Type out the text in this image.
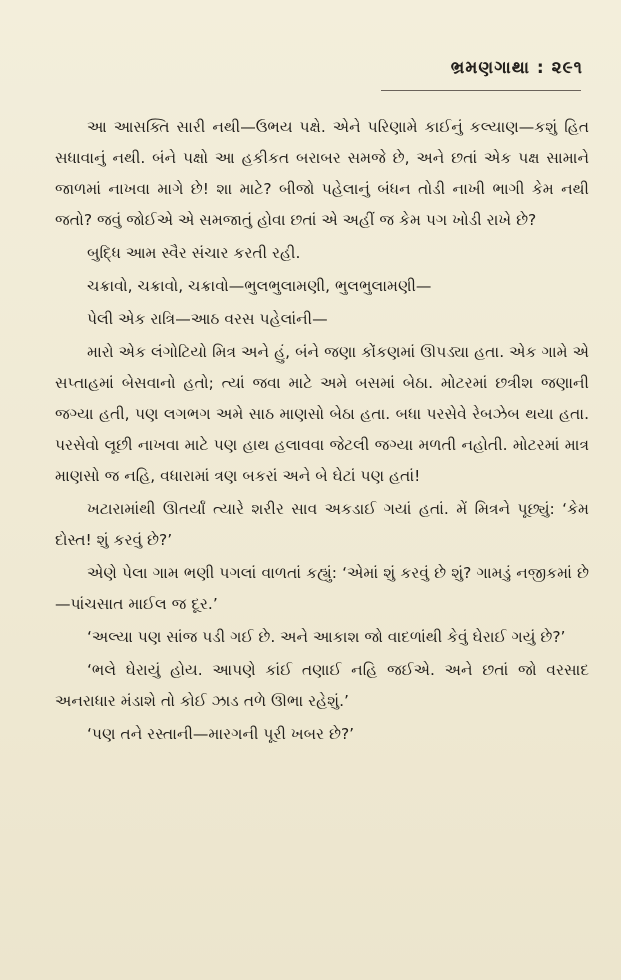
ભ્રમણગાથા : ૨૯૧

આ આસક્તિ સારી નથી—ઉભય પક્ષે. એને પરિણામે કાઈનું કલ્યાણ—કશું હિત સધાવાનું નથી. બંને પક્ષો આ હકીકત બરાબર સમજે છે, અને છતાં એક પક્ષ સામાને જાળમાં નાખવા માગે છે! શા માટે? બીજો પહેલાનું બંધન તોડી નાખી ભાગી કેમ નથી જતો? જવું જોઈએ એ સમજાતું હોવા છતાં એ અહીં જ કેમ પગ ખોડી રાખે છે?

બુદ્ધિ આમ સ્વૈર સંચાર કરતી રહી.

ચક્રાવો, ચક્રાવો, ચક્રાવો—ભુલભુલામણી, ભુલભુલામણી—

પેલી એક રાત્રિ—આઠ વરસ પહેલાંની—

મારો એક લંગોટિયો મિત્ર અને હું, બંને જણા કોંકણમાં ઊપડ્યા હતા. એક ગામે એ સપ્તાહમાં બેસવાનો હતો; ત્યાં જવા માટે અમે બસમાં બેઠા. મોટરમાં છત્રીશ જણાની જગ્યા હતી, પણ લગભગ અમે સાઠ માણસો બેઠા હતા. બધા પરસેવે રેબઝેબ થયા હતા. પરસેવો લૂછી નાખવા માટે પણ હાથ હલાવવા જેટલી જગ્યા મળતી નહોતી. મોટરમાં માત્ર માણસો જ નહિ, વધારામાં ત્રણ બકરાં અને બે ઘેટાં પણ હતાં!

ખટારામાંથી ઊતર્યાં ત્યારે શરીર સાવ અકડાઈ ગયાં હતાં. મેં મિત્રને પૂછ્યું: ‘કેમ દોસ્ત! શું કરવું છે?’

એણે પેલા ગામ ભણી પગલાં વાળતાં કહ્યું: ‘એમાં શું કરવું છે શું? ગામડું નજીકમાં છે—પાંચસાત માઈલ જ દૂર.’

‘અલ્યા પણ સાંજ પડી ગઈ છે. અને આકાશ જો વાદળાંથી કેવું ઘેરાઈ ગયું છે?’

‘ભલે ઘેરાયું હોય. આપણે કાંઈ તણાઈ નહિ જઈએ. અને છતાં જો વરસાદ અનરાધાર મંડાશે તો કોઈ ઝાડ તળે ઊભા રહેશું.’

‘પણ તને રસ્તાની—મારગની પૂરી ખબર છે?’
